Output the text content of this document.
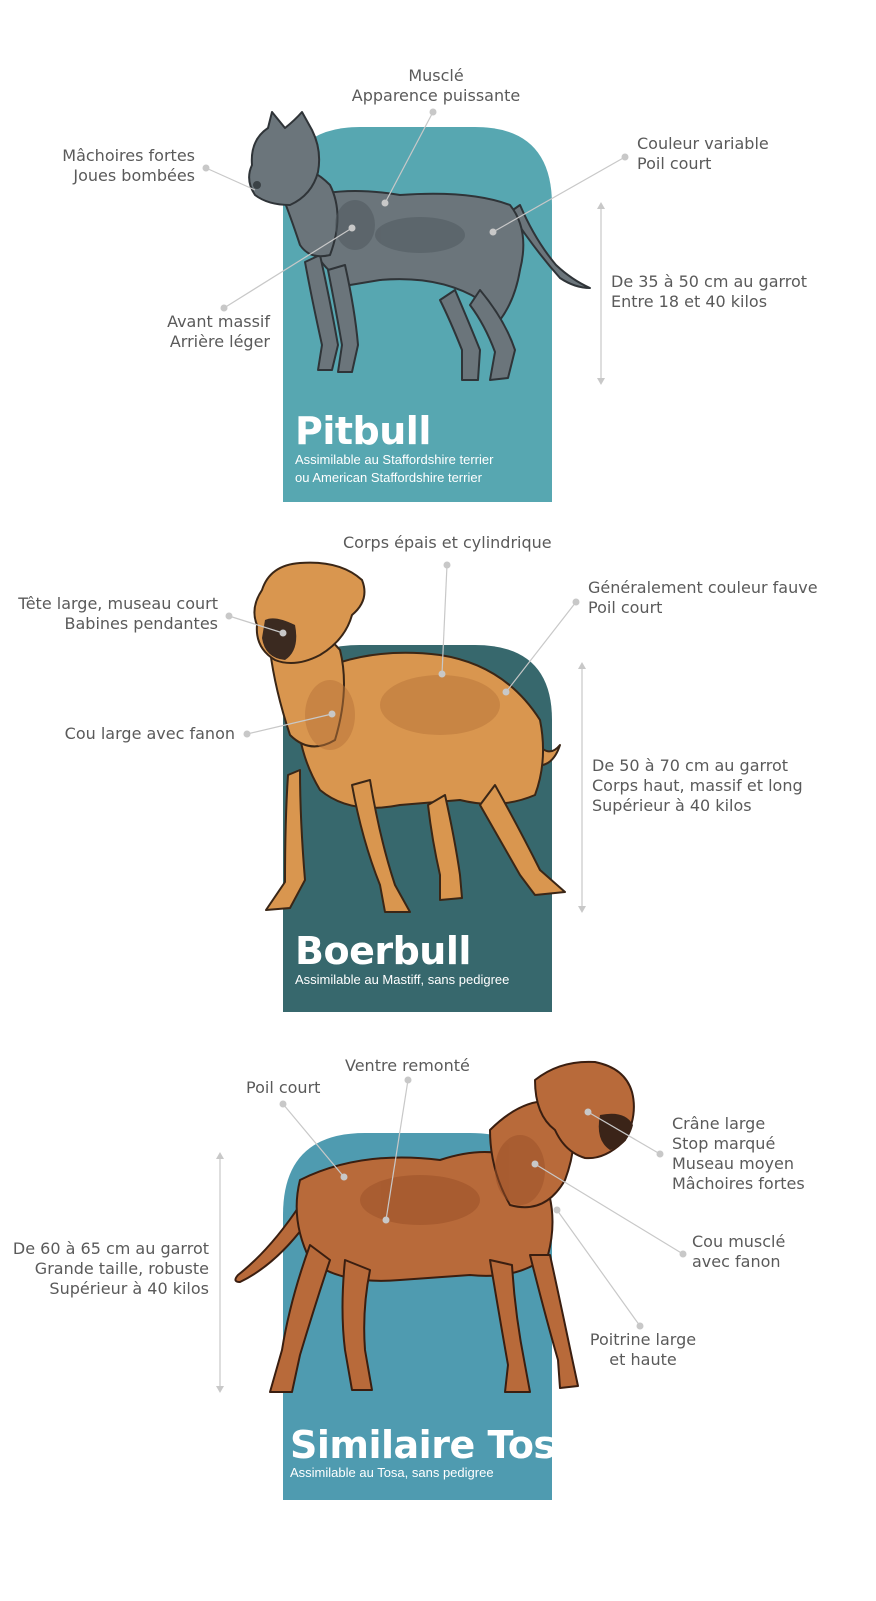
Musclé
Apparence puissante
Mâchoires fortes
Joues bombées
Couleur variable
Poil court
De 35 à 50 cm au garrot
Entre 18 et 40 kilos
Avant massif
Arrière léger
Pitbull
Assimilable au Staffordshire terrier
ou American Staffordshire terrier
Corps épais et cylindrique
Tête large, museau court
Babines pendantes
Généralement couleur fauve
Poil court
Cou large avec fanon
De 50 à 70 cm au garrot
Corps haut, massif et long
Supérieur à 40 kilos
Boerbull
Assimilable au Mastiff, sans pedigree
Poil court
Ventre remonté
Crâne large
Stop marqué
Museau moyen
Mâchoires fortes
De 60 à 65 cm au garrot
Grande taille, robuste
Supérieur à 40 kilos
Cou musclé
avec fanon
Poitrine large
et haute
Similaire Tosa
Assimilable au Tosa, sans pedigree
